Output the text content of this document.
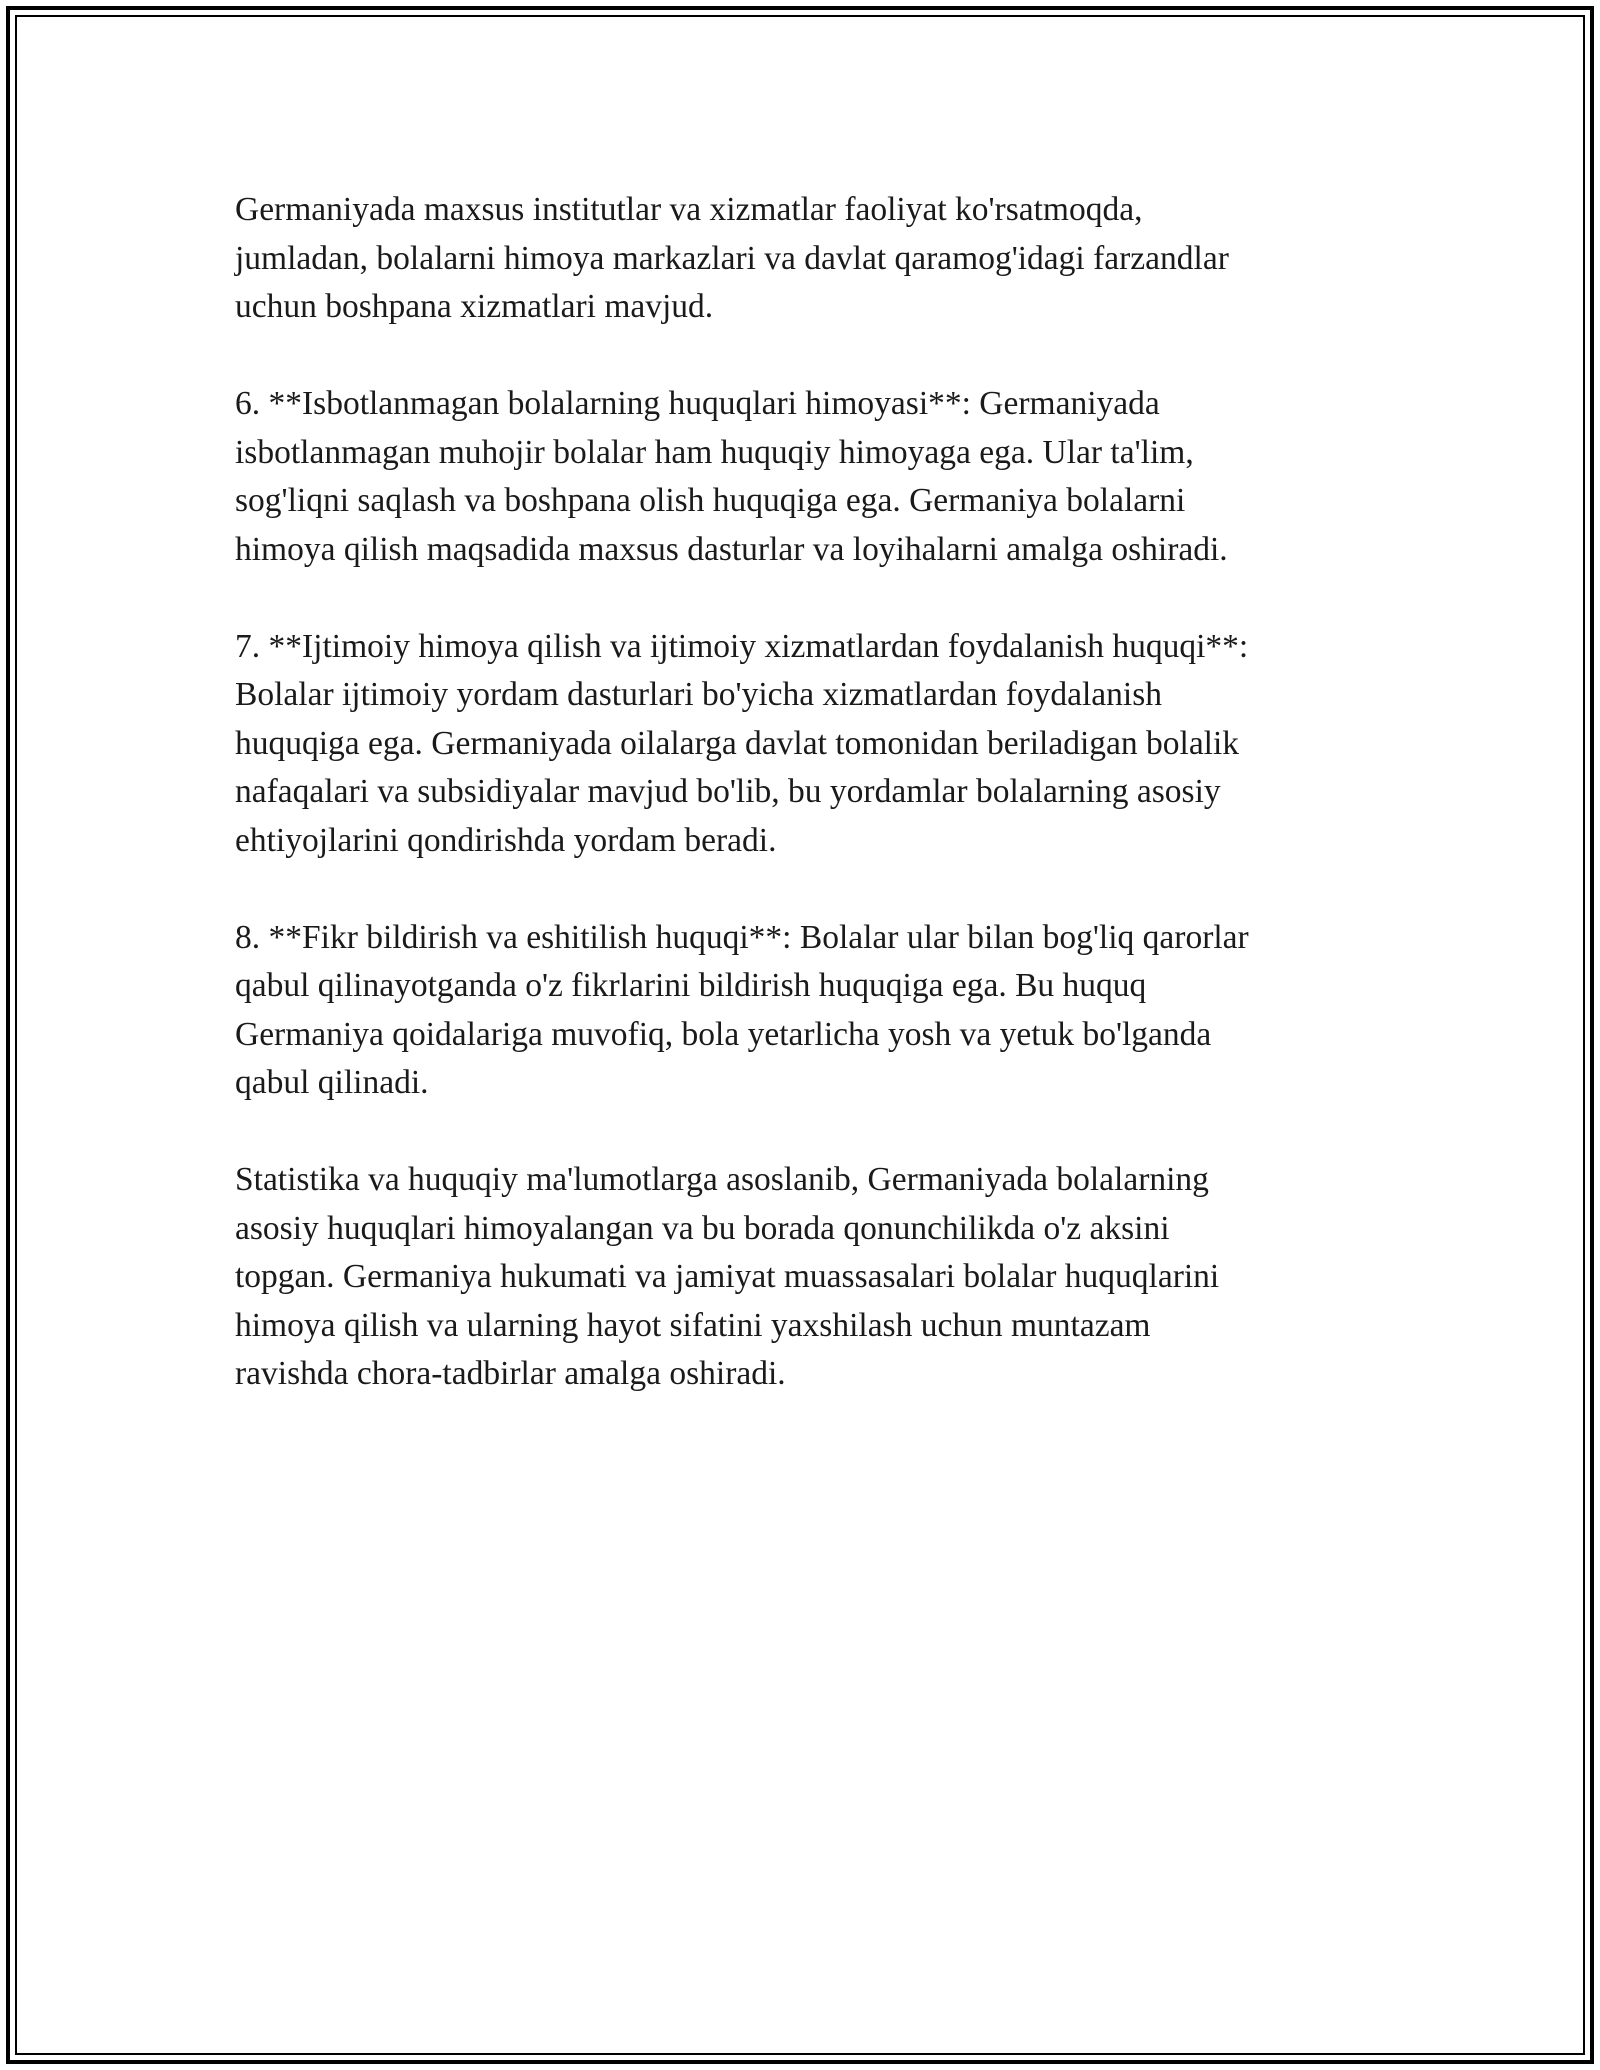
Germaniyada maxsus institutlar va xizmatlar faoliyat ko'rsatmoqda,
jumladan, bolalarni himoya markazlari va davlat qaramog'idagi farzandlar
uchun boshpana xizmatlari mavjud.

6. **Isbotlanmagan bolalarning huquqlari himoyasi**: Germaniyada
isbotlanmagan muhojir bolalar ham huquqiy himoyaga ega. Ular ta'lim,
sog'liqni saqlash va boshpana olish huquqiga ega. Germaniya bolalarni
himoya qilish maqsadida maxsus dasturlar va loyihalarni amalga oshiradi.

7. **Ijtimoiy himoya qilish va ijtimoiy xizmatlardan foydalanish huquqi**:
Bolalar ijtimoiy yordam dasturlari bo'yicha xizmatlardan foydalanish
huquqiga ega. Germaniyada oilalarga davlat tomonidan beriladigan bolalik
nafaqalari va subsidiyalar mavjud bo'lib, bu yordamlar bolalarning asosiy
ehtiyojlarini qondirishda yordam beradi.

8. **Fikr bildirish va eshitilish huquqi**: Bolalar ular bilan bog'liq qarorlar
qabul qilinayotganda o'z fikrlarini bildirish huquqiga ega. Bu huquq
Germaniya qoidalariga muvofiq, bola yetarlicha yosh va yetuk bo'lganda
qabul qilinadi.

Statistika va huquqiy ma'lumotlarga asoslanib, Germaniyada bolalarning
asosiy huquqlari himoyalangan va bu borada qonunchilikda o'z aksini
topgan. Germaniya hukumati va jamiyat muassasalari bolalar huquqlarini
himoya qilish va ularning hayot sifatini yaxshilash uchun muntazam
ravishda chora-tadbirlar amalga oshiradi.
